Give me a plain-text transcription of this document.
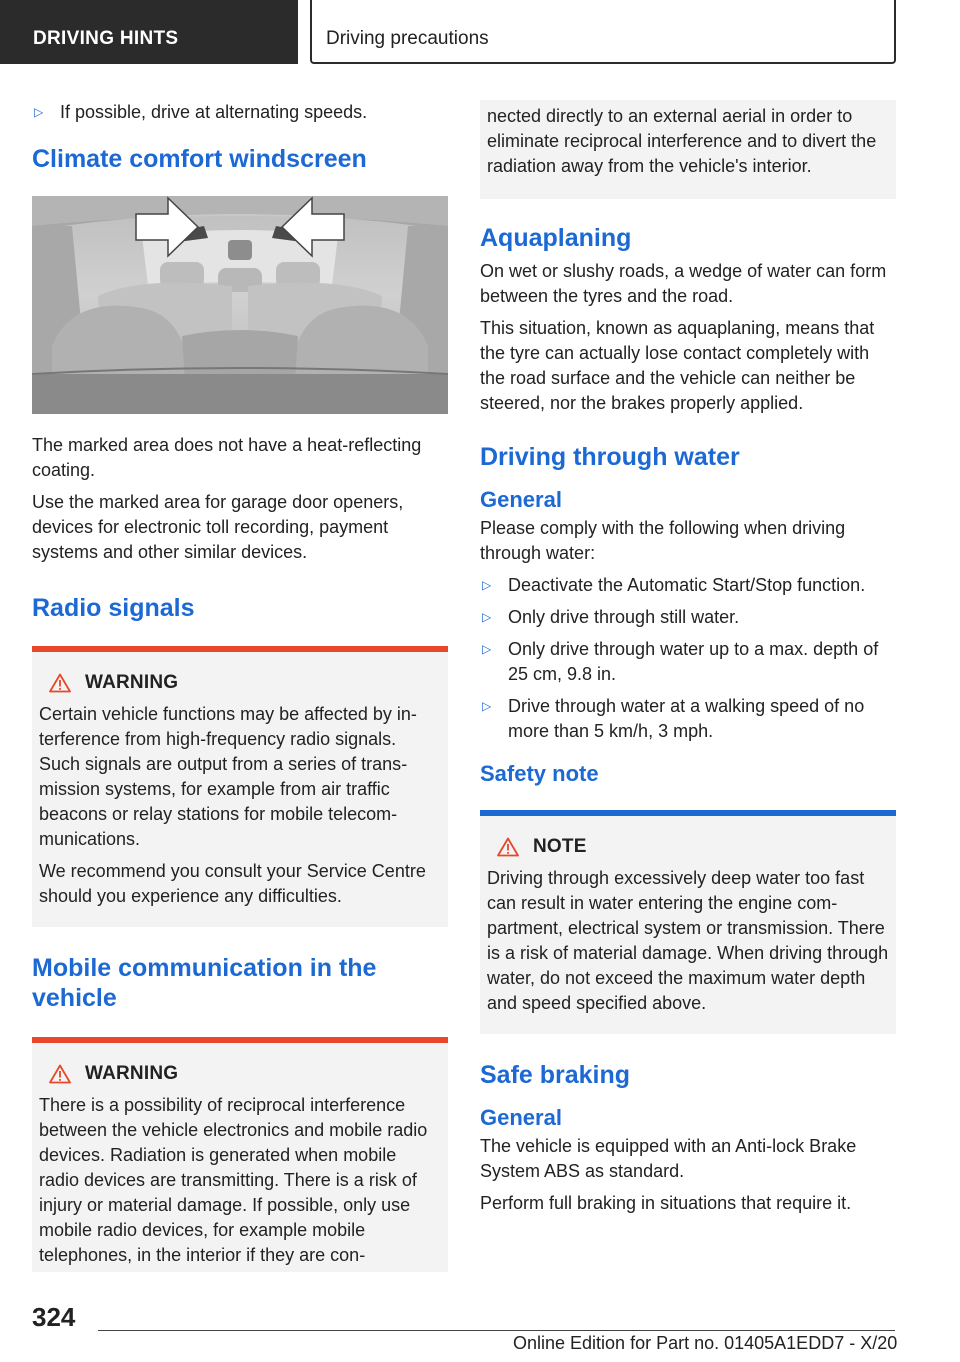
DRIVING HINTS	Driving precautions
▷ If possible, drive at alternating speeds.
Climate comfort windscreen
The marked area does not have a heat-reflecting coating.
Use the marked area for garage door openers, devices for electronic toll recording, payment systems and other similar devices.
Radio signals
WARNING
Certain vehicle functions may be affected by interference from high-frequency radio signals. Such signals are output from a series of transmission systems, for example from air traffic beacons or relay stations for mobile telecommunications.
We recommend you consult your Service Centre should you experience any difficulties.
Mobile communication in the vehicle
WARNING
There is a possibility of reciprocal interference between the vehicle electronics and mobile radio devices. Radiation is generated when mobile radio devices are transmitting. There is a risk of injury or material damage. If possible, only use mobile radio devices, for example mobile telephones, in the interior if they are con-
nected directly to an external aerial in order to eliminate reciprocal interference and to divert the radiation away from the vehicle's interior.
Aquaplaning
On wet or slushy roads, a wedge of water can form between the tyres and the road.
This situation, known as aquaplaning, means that the tyre can actually lose contact completely with the road surface and the vehicle can neither be steered, nor the brakes properly applied.
Driving through water
General
Please comply with the following when driving through water:
▷ Deactivate the Automatic Start/Stop function.
▷ Only drive through still water.
▷ Only drive through water up to a max. depth of 25 cm, 9.8 in.
▷ Drive through water at a walking speed of no more than 5 km/h, 3 mph.
Safety note
NOTE
Driving through excessively deep water too fast can result in water entering the engine compartment, electrical system or transmission. There is a risk of material damage. When driving through water, do not exceed the maximum water depth and speed specified above.
Safe braking
General
The vehicle is equipped with an Anti-lock Brake System ABS as standard.
Perform full braking in situations that require it.
324
Online Edition for Part no. 01405A1EDD7 - X/20
